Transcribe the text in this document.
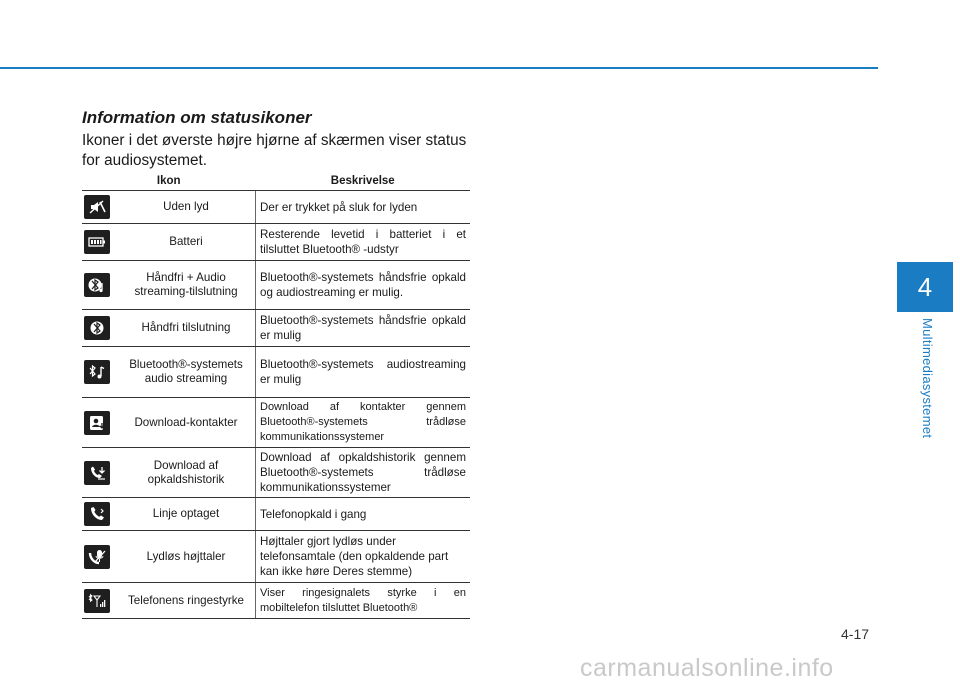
4
Multimediasystemet
Information om statusikoner

Ikoner i det øverste højre hjørne af skærmen viser status for audiosystemet.

Ikon		Beskrivelse

	Uden lyd	Der er trykket på sluk for lyden

	Batteri	Resterende levetid i batteriet i et tilsluttet Bluetooth® -udstyr

	Håndfri + Audio streaming-tilslutning	Bluetooth®-systemets håndsfrie opkald og audiostreaming er mulig.

	Håndfri tilslutning	Bluetooth®-systemets håndsfrie opkald er mulig

	Bluetooth®-systemets audio streaming	Bluetooth®-systemets audiostreaming er mulig

	Download-kontakter	Download af kontakter gennem Bluetooth®-systemets trådløse kommunikationssystemer

	Download af opkaldshistorik	Download af opkaldshistorik gennem Bluetooth®-systemets trådløse kommunikationssystemer

	Linje optaget	Telefonopkald i gang

	Lydløs højttaler	Højttaler gjort lydløs under telefonsamtale (den opkaldende part kan ikke høre Deres stemme)

	Telefonens ringestyrke	Viser ringesignalets styrke i en mobiltelefon tilsluttet Bluetooth®
4-17
carmanualsonline.info
